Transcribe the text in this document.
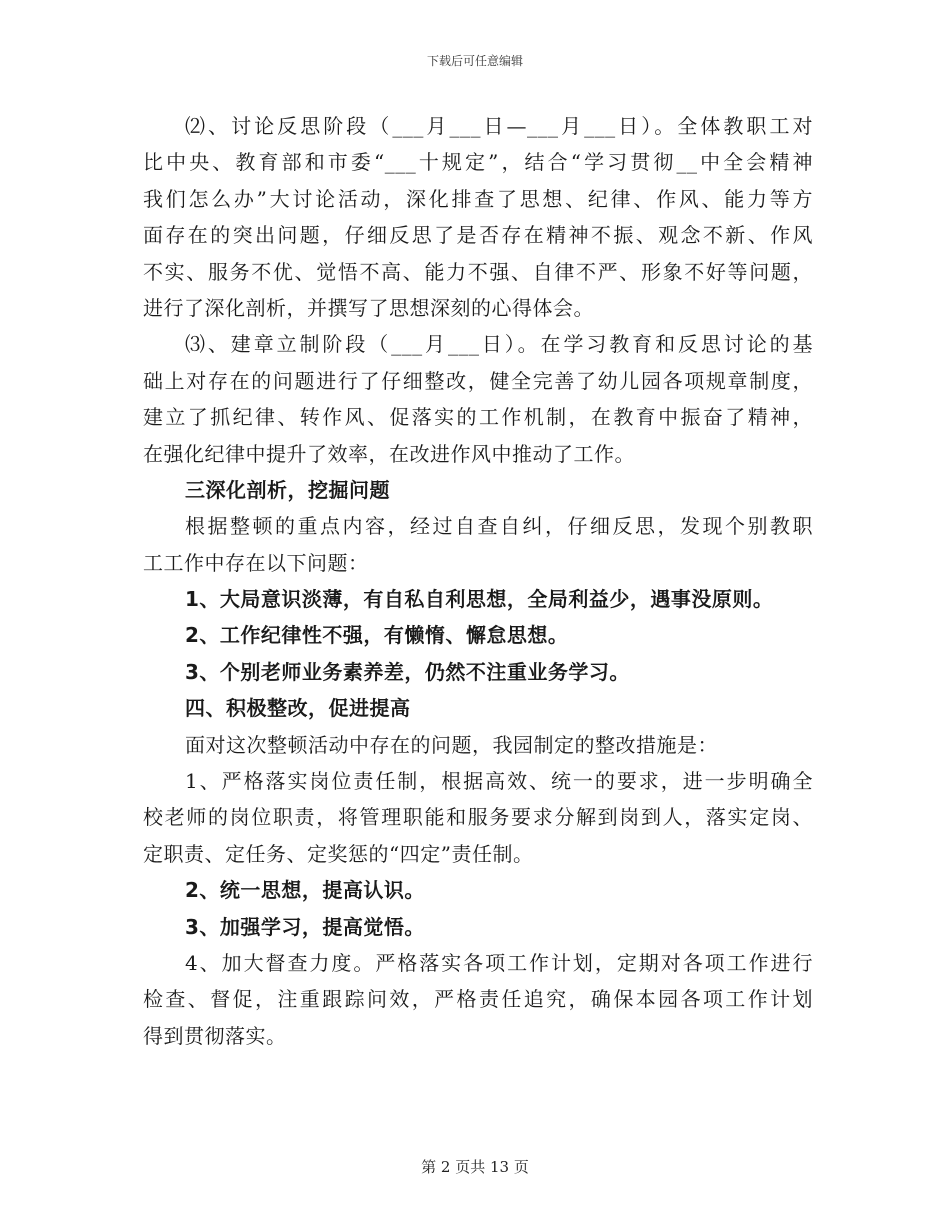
下载后可任意编辑
⑵、讨论反思阶段（___月___日—___月___日）。全体教职工对
比中央、教育部和市委“___十规定”，结合“学习贯彻__中全会精神
我们怎么办”大讨论活动，深化排查了思想、纪律、作风、能力等方
面存在的突出问题，仔细反思了是否存在精神不振、观念不新、作风
不实、服务不优、觉悟不高、能力不强、自律不严、形象不好等问题，
进行了深化剖析，并撰写了思想深刻的心得体会。
⑶、建章立制阶段（___月___日）。在学习教育和反思讨论的基
础上对存在的问题进行了仔细整改，健全完善了幼儿园各项规章制度，
建立了抓纪律、转作风、促落实的工作机制，在教育中振奋了精神，
在强化纪律中提升了效率，在改进作风中推动了工作。
三深化剖析，挖掘问题
根据整顿的重点内容，经过自查自纠，仔细反思，发现个别教职
工工作中存在以下问题：
1、大局意识淡薄，有自私自利思想，全局利益少，遇事没原则。
2、工作纪律性不强，有懒惰、懈怠思想。
3、个别老师业务素养差，仍然不注重业务学习。
四、积极整改，促进提高
面对这次整顿活动中存在的问题，我园制定的整改措施是：
1、严格落实岗位责任制，根据高效、统一的要求，进一步明确全
校老师的岗位职责，将管理职能和服务要求分解到岗到人，落实定岗、
定职责、定任务、定奖惩的“四定”责任制。
2、统一思想，提高认识。
3、加强学习，提高觉悟。
4、加大督查力度。严格落实各项工作计划，定期对各项工作进行
检查、督促，注重跟踪问效，严格责任追究，确保本园各项工作计划
得到贯彻落实。
第 2 页共 13 页
